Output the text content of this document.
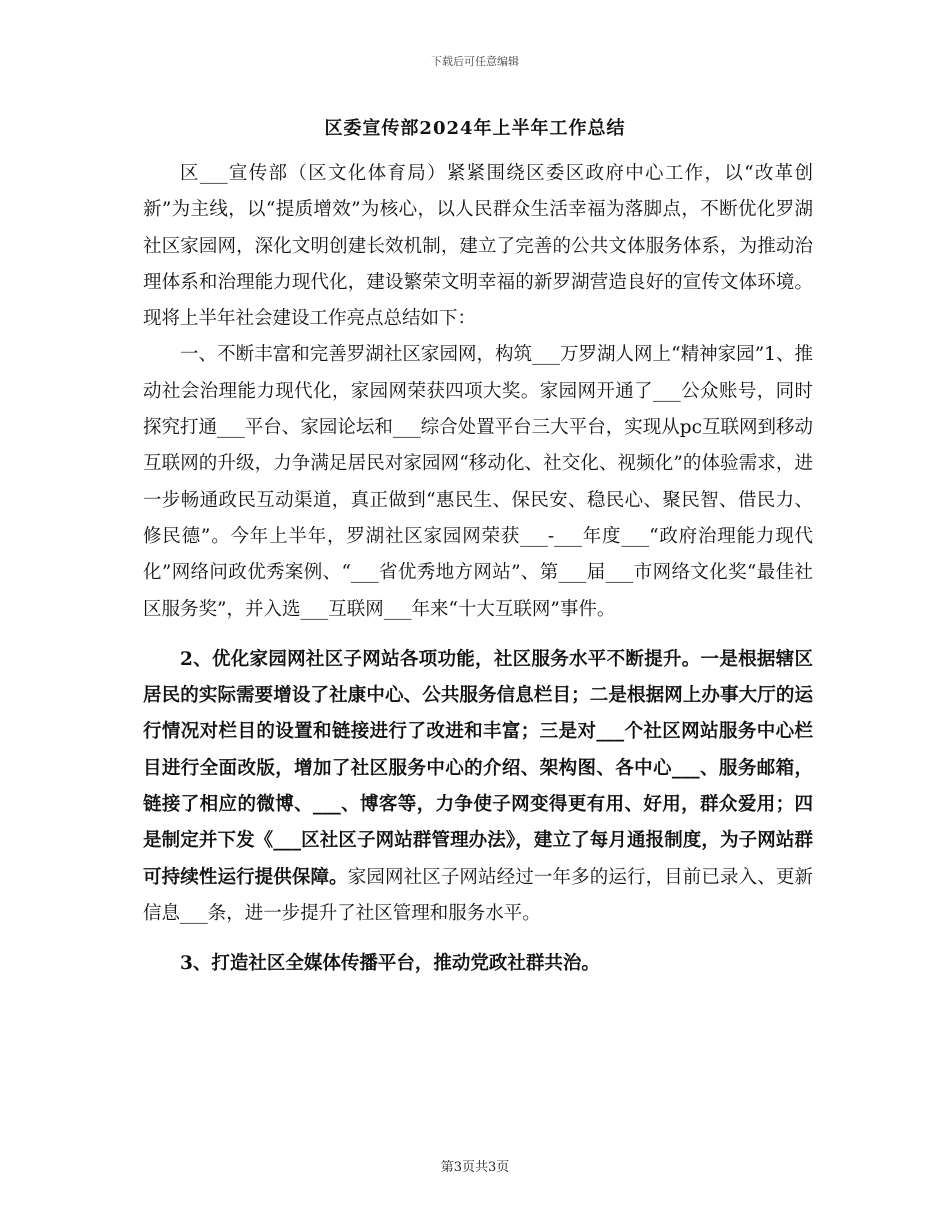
下载后可任意编辑
区委宣传部2024年上半年工作总结

区___宣传部（区文化体育局）紧紧围绕区委区政府中心工作，以“改革创新”为主线，以“提质增效”为核心，以人民群众生活幸福为落脚点，不断优化罗湖社区家园网，深化文明创建长效机制，建立了完善的公共文体服务体系，为推动治理体系和治理能力现代化，建设繁荣文明幸福的新罗湖营造良好的宣传文体环境。现将上半年社会建设工作亮点总结如下：

一、不断丰富和完善罗湖社区家园网，构筑___万罗湖人网上“精神家园”1、推动社会治理能力现代化，家园网荣获四项大奖。家园网开通了___公众账号，同时探究打通___平台、家园论坛和___综合处置平台三大平台，实现从pc互联网到移动互联网的升级，力争满足居民对家园网“移动化、社交化、视频化”的体验需求，进一步畅通政民互动渠道，真正做到“惠民生、保民安、稳民心、聚民智、借民力、修民德”。今年上半年，罗湖社区家园网荣获___-___年度___“政府治理能力现代化”网络问政优秀案例、“___省优秀地方网站”、第___届___市网络文化奖“最佳社区服务奖”，并入选___互联网___年来“十大互联网”事件。

2、优化家园网社区子网站各项功能，社区服务水平不断提升。一是根据辖区居民的实际需要增设了社康中心、公共服务信息栏目；二是根据网上办事大厅的运行情况对栏目的设置和链接进行了改进和丰富；三是对___个社区网站服务中心栏目进行全面改版，增加了社区服务中心的介绍、架构图、各中心___、服务邮箱，链接了相应的微博、___、博客等，力争使子网变得更有用、好用，群众爱用；四是制定并下发《___区社区子网站群管理办法》，建立了每月通报制度，为子网站群可持续性运行提供保障。家园网社区子网站经过一年多的运行，目前已录入、更新信息___条，进一步提升了社区管理和服务水平。

3、打造社区全媒体传播平台，推动党政社群共治。

第3页共3页
